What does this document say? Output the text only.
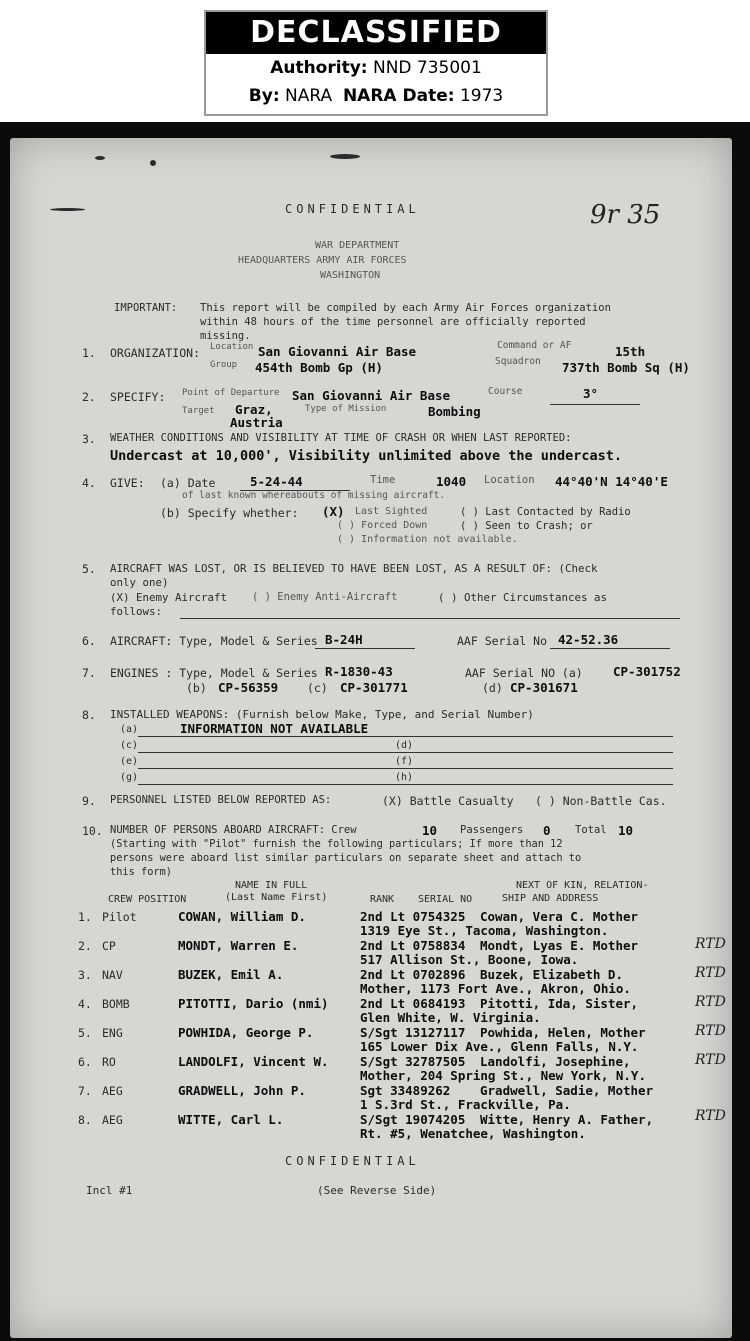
DECLASSIFIED
Authority: NND 735001
By: NARA NARA Date: 1973
CONFIDENTIAL	9r 35
WAR DEPARTMENT
HEADQUARTERS ARMY AIR FORCES
WASHINGTON
IMPORTANT: This report will be compiled by each Army Air Forces organization
within 48 hours of the time personnel are officially reported
missing.
1. ORGANIZATION: Location San Giovanni Air Base	Command or AF	15th
Group 454th Bomb Gp (H)	Squadron 737th Bomb Sq (H)
2. SPECIFY: Point of Departure San Giovanni Air Base	Course	3°
Target Graz,
Austria
Type of Mission	Bombing
3. WEATHER CONDITIONS AND VISIBILITY AT TIME OF CRASH OR WHEN LAST REPORTED:
Undercast at 10,000', Visibility unlimited above the undercast.
4. GIVE: (a) Date	5-24-44	Time	1040 Location 44°40'N 14°40'E
of last known whereabouts of missing aircraft.
(b) Specify whether: (X) Last Sighted	( ) Last Contacted by Radio
( ) Forced Down	( ) Seen to Crash; or
( ) Information not available.
5. AIRCRAFT WAS LOST, OR IS BELIEVED TO HAVE BEEN LOST, AS A RESULT OF: (Check
only one)
(X) Enemy Aircraft ( ) Enemy Anti-Aircraft	( ) Other Circumstances as
follows:
6. AIRCRAFT: Type, Model & Series B-24H	AAF Serial No 42-52.36
7. ENGINES : Type, Model & Series R-1830-43	AAF Serial NO (a) CP-301752
(b) CP-56359	(c) CP-301771	(d) CP-301671
8. INSTALLED WEAPONS: (Furnish below Make, Type, and Serial Number)
(a)	INFORMATION NOT AVAILABLE
(c)
(e)
(g)
(d)
(f)
(h)
9. PERSONNEL LISTED BELOW REPORTED AS:	(X) Battle Casualty ( ) Non-Battle Cas.
10. NUMBER OF PERSONS ABOARD AIRCRAFT: Crew	10 Passengers 0 Total 10
(Starting with "Pilot" furnish the following particulars; If more than 12
persons were aboard list similar particulars on separate sheet and attach to
this form)
CREW POSITION
NAME IN FULL
(Last Name First)	RANK SERIAL NO
NEXT OF KIN, RELATION-
SHIP AND ADDRESS
1. Pilot	COWAN, William D.	2nd Lt 0754325 Cowan, Vera C. Mother
1319 Eye St., Tacoma, Washington.
2. CP	MONDT, Warren E.	2nd Lt 0758834 Mondt, Lyas E. Mother	RTD
517 Allison St., Boone, Iowa.
3. NAV	BUZEK, Emil A.	2nd Lt 0702896 Buzek, Elizabeth D.	RTD
Mother, 1173 Fort Ave., Akron, Ohio.
4. BOMB	PITOTTI, Dario (nmi)	2nd Lt 0684193 Pitotti, Ida, Sister,	RTD
Glen White, W. Virginia.
5. ENG	POWHIDA, George P.	S/Sgt 13127117 Powhida, Helen, Mother	RTD
165 Lower Dix Ave., Glenn Falls, N.Y.
6. RO	LANDOLFI, Vincent W.	S/Sgt 32787505 Landolfi, Josephine,	RTD
Mother, 204 Spring St., New York, N.Y.
7. AEG	GRADWELL, John P.	Sgt 33489262 Gradwell, Sadie, Mother
1 S.3rd St., Frackville, Pa.
8. AEG	WITTE, Carl L.	S/Sgt 19074205 Witte, Henry A. Father,	RTD
Rt. #5, Wenatchee, Washington.
CONFIDENTIAL
Incl #1	(See Reverse Side)
